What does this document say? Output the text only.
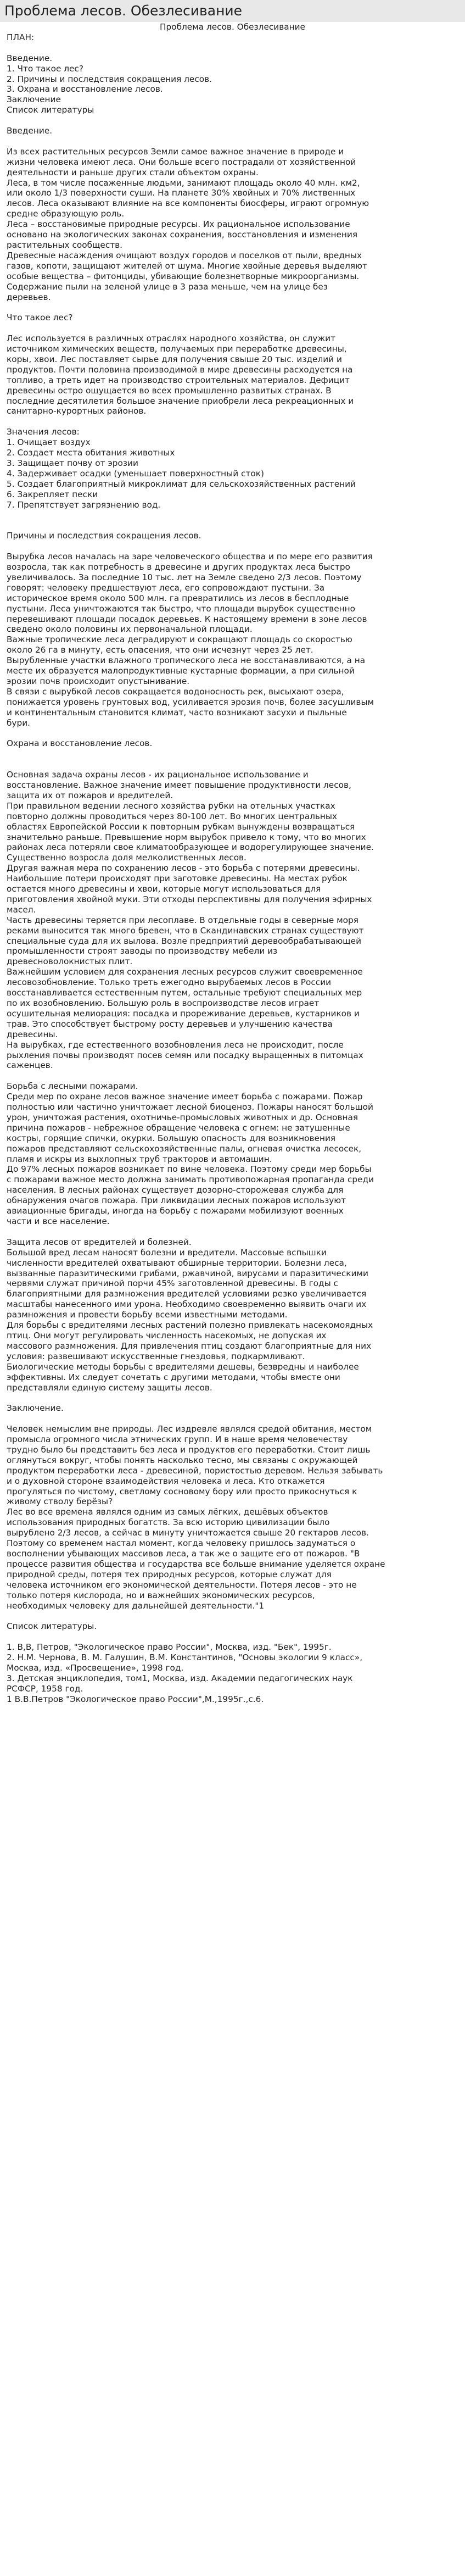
Проблема лесов. Обезлесивание
Проблема лесов. Обезлесивание
ПЛАН:
Введение.
1. Что такое лес?
2. Причины и последствия сокращения лесов.
3. Охрана и восстановление лесов.
Заключение
Список литературы
Введение.
Из всех растительных ресурсов Земли самое важное значение в природе и
жизни человека имеют леса. Они больше всего пострадали от хозяйственной
деятельности и раньше других стали объектом охраны.
Леса, в том числе посаженные людьми, занимают площадь около 40 млн. км2,
или около 1/3 поверхности суши. На планете 30% хвойных и 70% лиственных
лесов. Леса оказывают влияние на все компоненты биосферы, играют огромную
средне образующую роль.
Леса – восстановимые природные ресурсы. Их рациональное использование
основано на экологических законах сохранения, восстановления и изменения
растительных сообществ.
Древесные насаждения очищают воздух городов и поселков от пыли, вредных
газов, копоти, защищают жителей от шума. Многие хвойные деревья выделяют
особые вещества – фитонциды, убивающие болезнетворные микроорганизмы.
Содержание пыли на зеленой улице в 3 раза меньше, чем на улице без
деревьев.
Что такое лес?
Лес используется в различных отраслях народного хозяйства, он служит
источником химических веществ, получаемых при переработке древесины,
коры, хвои. Лес поставляет сырье для получения свыше 20 тыс. изделий и
продуктов. Почти половина производимой в мире древесины расходуется на
топливо, а треть идет на производство строительных материалов. Дефицит
древесины остро ощущается во всех промышленно развитых странах. В
последние десятилетия большое значение приобрели леса рекреационных и
санитарно-курортных районов.
Значения лесов:
1. Очищает воздух
2. Создает места обитания животных
3. Защищает почву от эрозии
4. Задерживает осадки (уменьшает поверхностный сток)
5. Создает благоприятный микроклимат для сельскохозяйственных растений
6. Закрепляет пески
7. Препятствует загрязнению вод.
Причины и последствия сокращения лесов.
Вырубка лесов началась на заре человеческого общества и по мере его развития
возросла, так как потребность в древесине и других продуктах леса быстро
увеличивалось. За последние 10 тыс. лет на Земле сведено 2/3 лесов. Поэтому
говорят: человеку предшествуют леса, его сопровождают пустыни. За
историческое время около 500 млн. га превратились из лесов в бесплодные
пустыни. Леса уничтожаются так быстро, что площади вырубок существенно
перевешивают площади посадок деревьев. К настоящему времени в зоне лесов
сведено около половины их первоначальной площади.
Важные тропические леса деградируют и сокращают площадь со скоростью
около 26 га в минуту, есть опасения, что они исчезнут через 25 лет.
Вырубленные участки влажного тропического леса не восстанавливаются, а на
месте их образуется малопродуктивные кустарные формации, а при сильной
эрозии почв происходит опустынивание.
В связи с вырубкой лесов сокращается водоносность рек, высыхают озера,
понижается уровень грунтовых вод, усиливается эрозия почв, более засушливым
и континентальным становится климат, часто возникают засухи и пыльные
бури.
Охрана и восстановление лесов.
Основная задача охраны лесов - их рациональное использование и
восстановление. Важное значение имеет повышение продуктивности лесов,
защита их от пожаров и вредителей.
При правильном ведении лесного хозяйства рубки на отельных участках
повторно должны проводиться через 80-100 лет. Во многих центральных
областях Европейской России к повторным рубкам вынуждены возвращаться
значительно раньше. Превышение норм вырубок привело к тому, что во многих
районах леса потеряли свое климатообразующее и водорегулирующее значение.
Существенно возросла доля мелколиственных лесов.
Другая важная мера по сохранению лесов - это борьба с потерями древесины.
Наибольшие потери происходят при заготовке древесины. На местах рубок
остается много древесины и хвои, которые могут использоваться для
приготовления хвойной муки. Эти отходы перспективны для получения эфирных
масел.
Часть древесины теряется при лесоплаве. В отдельные годы в северные моря
реками выносится так много бревен, что в Скандинавских странах существуют
специальные суда для их вылова. Возле предприятий деревообрабатывающей
промышленности строят заводы по производству мебели из
древесноволокнистых плит.
Важнейшим условием для сохранения лесных ресурсов служит своевременное
лесовозобновление. Только треть ежегодно вырубаемых лесов в России
восстанавливается естественным путем, остальные требуют специальных мер
по их возобновлению. Большую роль в воспроизводстве лесов играет
осушительная мелиорация: посадка и прореживание деревьев, кустарников и
трав. Это способствует быстрому росту деревьев и улучшению качества
древесины.
На вырубках, где естественного возобновления леса не происходит, после
рыхления почвы производят посев семян или посадку выращенных в питомцах
саженцев.
Борьба с лесными пожарами.
Среди мер по охране лесов важное значение имеет борьба с пожарами. Пожар
полностью или частично уничтожает лесной биоценоз. Пожары наносят большой
урон, уничтожая растения, охотничье-промысловых животных и др. Основная
причина пожаров - небрежное обращение человека с огнем: не затушенные
костры, горящие спички, окурки. Большую опасность для возникновения
пожаров представляют сельскохозяйственные палы, огневая очистка лесосек,
пламя и искры из выхлопных труб тракторов и автомашин.
До 97% лесных пожаров возникает по вине человека. Поэтому среди мер борьбы
с пожарами важное место должна занимать противопожарная пропаганда среди
населения. В лесных районах существует дозорно-сторожевая служба для
обнаружения очагов пожара. При ликвидации лесных пожаров используют
авиационные бригады, иногда на борьбу с пожарами мобилизуют военных
части и все население.
Защита лесов от вредителей и болезней.
Большой вред лесам наносят болезни и вредители. Массовые вспышки
численности вредителей охватывают обширные территории. Болезни леса,
вызванные паразитическими грибами, ржавчиной, вирусами и паразитическими
червями служат причиной порчи 45% заготовленной древесины. В годы с
благоприятными для размножения вредителей условиями резко увеличивается
масштабы нанесенного ими урона. Необходимо своевременно выявить очаги их
размножения и провести борьбу всеми известными методами.
Для борьбы с вредителями лесных растений полезно привлекать насекомоядных
птиц. Они могут регулировать численность насекомых, не допуская их
массового размножения. Для привлечения птиц создают благоприятные для них
условия: развешивают искусственные гнездовья, подкармливают.
Биологические методы борьбы с вредителями дешевы, безвредны и наиболее
эффективны. Их следует сочетать с другими методами, чтобы вместе они
представляли единую систему защиты лесов.
Заключение.
Человек немыслим вне природы. Лес издревле являлся средой обитания, местом
промысла огромного числа этнических групп. И в наше время человечеству
трудно было бы представить без леса и продуктов его переработки. Стоит лишь
оглянуться вокруг, чтобы понять насколько тесно, мы связаны с окружающей
продуктом переработки леса - древесиной, пористостью деревом. Нельзя забывать
и о духовной стороне взаимодействия человека и леса. Кто откажется
прогуляться по чистому, светлому сосновому бору или просто прикоснуться к
живому стволу берёзы?
Лес во все времена являлся одним из самых лёгких, дешёвых объектов
использования природных богатств. За всю историю цивилизации было
вырублено 2/3 лесов, а сейчас в минуту уничтожается свыше 20 гектаров лесов.
Поэтому со временем настал момент, когда человеку пришлось задуматься о
восполнении убывающих массивов леса, а так же о защите его от пожаров. "В
процессе развития общества и государства все больше внимание уделяется охране
природной среды, потеря тех природных ресурсов, которые служат для
человека источником его экономической деятельности. Потеря лесов - это не
только потеря кислорода, но и важнейших экономических ресурсов,
необходимых человеку для дальнейшей деятельности."1
Список литературы.
1. В,В, Петров, "Экологическое право России", Москва, изд. "Бек", 1995г.
2. Н.М. Чернова, В. М. Галушин, В.М. Константинов, "Основы экологии 9 класс»,
Москва, изд. «Просвещение», 1998 год.
3. Детская энциклопедия, том1, Москва, изд. Академии педагогических наук
РСФСР, 1958 год.
1 В.В.Петров "Экологическое право России",М.,1995г.,с.6.
